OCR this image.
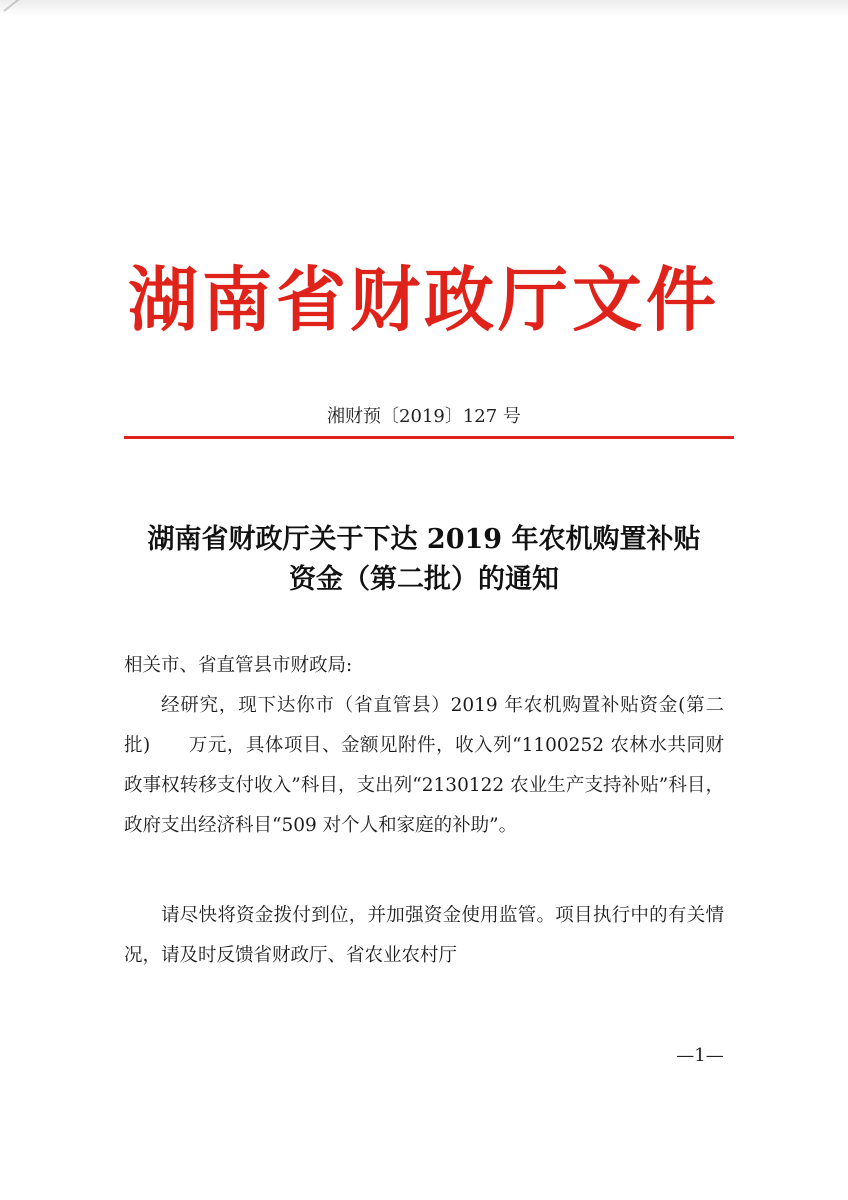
湖南省财政厅文件
湘财预〔2019〕127 号
湖南省财政厅关于下达 2019 年农机购置补贴
资金（第二批）的通知
相关市、省直管县市财政局:
经研究，现下达你市（省直管县）2019 年农机购置补贴资金(第二批)　　万元，具体项目、金额见附件，收入列“1100252 农林水共同财政事权转移支付收入”科目，支出列“2130122 农业生产支持补贴”科目，政府支出经济科目“509 对个人和家庭的补助”。
请尽快将资金拨付到位，并加强资金使用监管。项目执行中的有关情况，请及时反馈省财政厅、省农业农村厅
—1—
